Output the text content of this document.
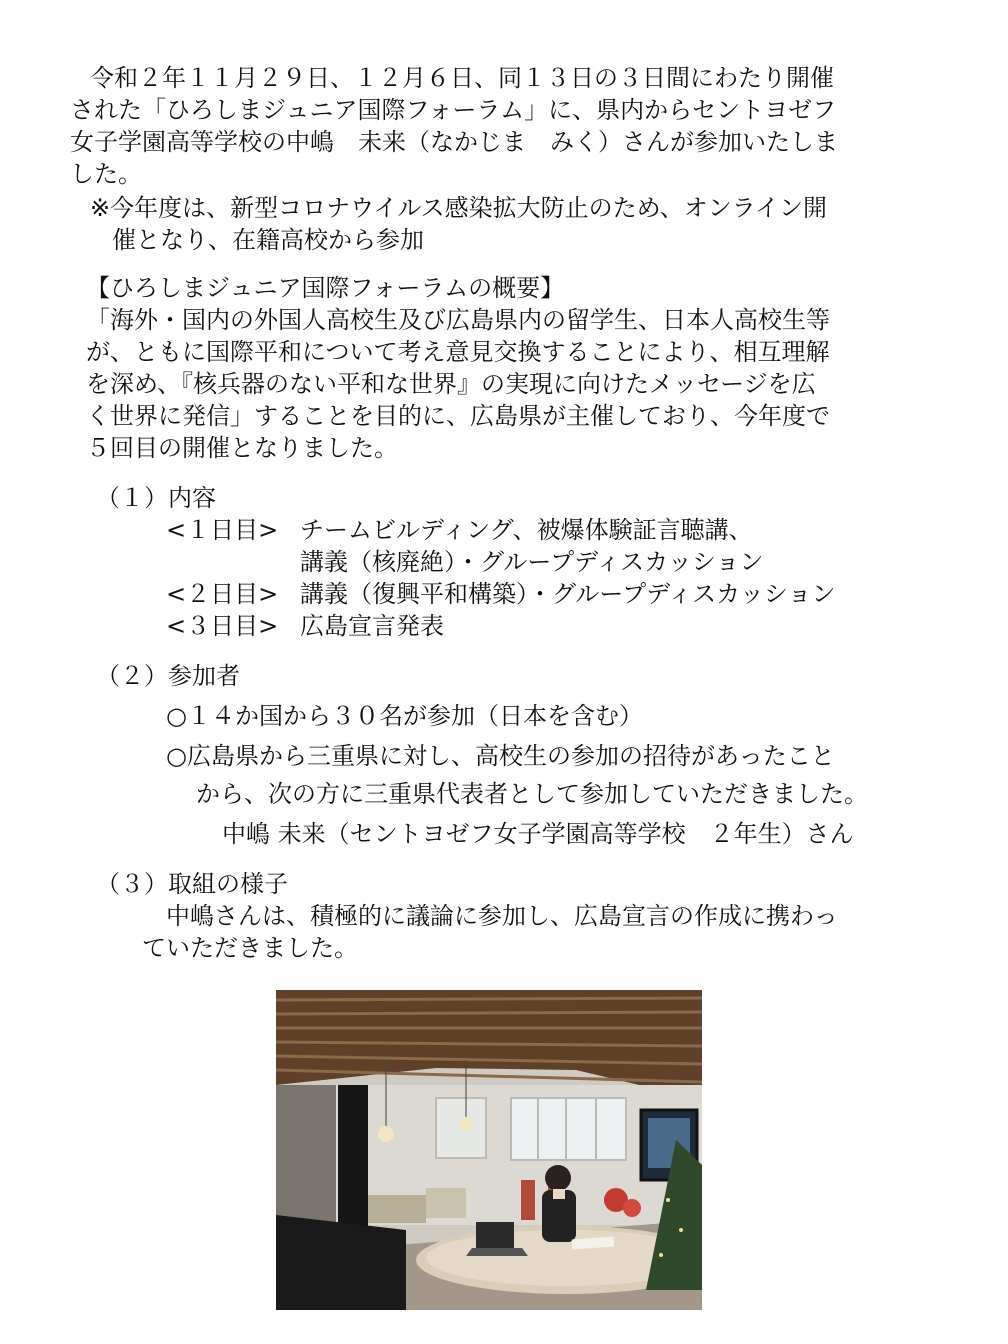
令和２年１１月２９日、１２月６日、同１３日の３日間にわたり開催
された「ひろしまジュニア国際フォーラム」に、県内からセントヨゼフ
女子学園高等学校の中嶋　未来（なかじま　みく）さんが参加いたしま
した。
※今年度は、新型コロナウイルス感染拡大防止のため、オンライン開
催となり、在籍高校から参加
【ひろしまジュニア国際フォーラムの概要】
「海外・国内の外国人高校生及び広島県内の留学生、日本人高校生等
が、ともに国際平和について考え意見交換することにより、相互理解
を深め、『核兵器のない平和な世界』の実現に向けたメッセージを広
く世界に発信」することを目的に、広島県が主催しており、今年度で
５回目の開催となりました。
（１）内容
<１日目> チームビルディング、被爆体験証言聴講、
講義（核廃絶）・グループディスカッション
<２日目> 講義（復興平和構築）・グループディスカッション
<３日目> 広島宣言発表
（２）参加者
○１４か国から３０名が参加（日本を含む）
○広島県から三重県に対し、高校生の参加の招待があったこと
から、次の方に三重県代表者として参加していただきました。
中嶋 未来（セントヨゼフ女子学園高等学校　２年生）さん
（３）取組の様子
中嶋さんは、積極的に議論に参加し、広島宣言の作成に携わっ
ていただきました。
